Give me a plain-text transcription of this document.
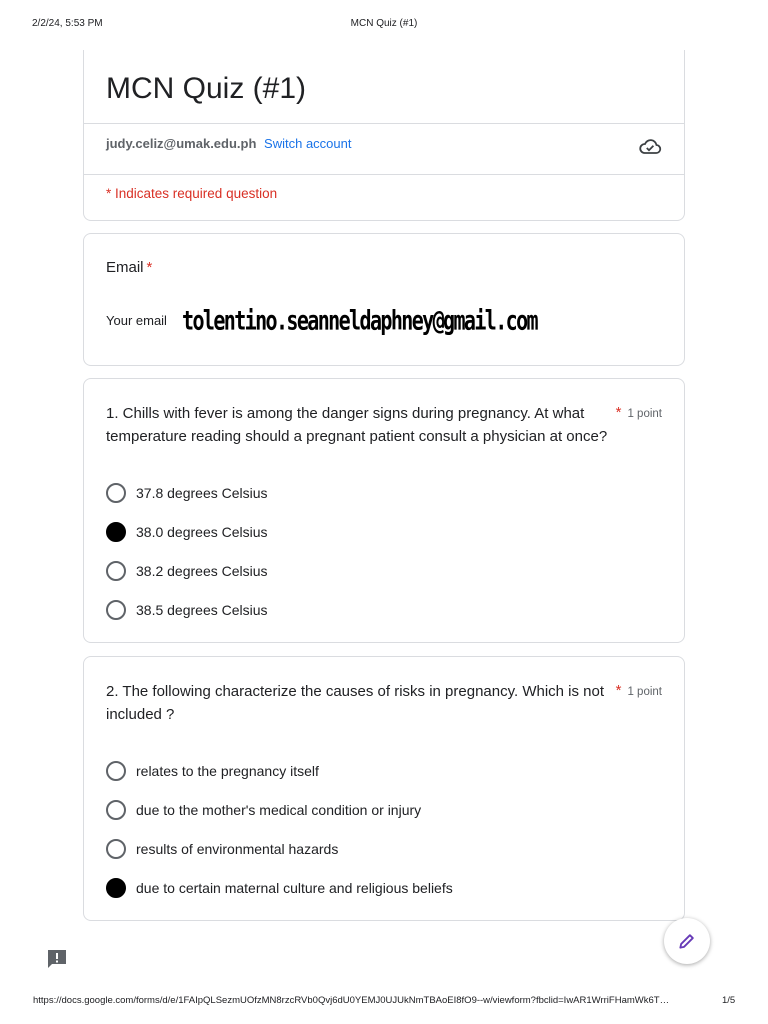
2/2/24, 5:53 PM	MCN Quiz (#1)
MCN Quiz (#1)
judy.celiz@umak.edu.ph Switch account
* Indicates required question
Email *
Your email tolentino.seanneldaphney@gmail.com
1. Chills with fever is among the danger signs during pregnancy. At what temperature reading should a pregnant patient consult a physician at once?
* 1 point
37.8 degrees Celsius
38.0 degrees Celsius
38.2 degrees Celsius
38.5 degrees Celsius
2. The following characterize the causes of risks in pregnancy. Which is not included ?
* 1 point
relates to the pregnancy itself
due to the mother's medical condition or injury
results of environmental hazards
due to certain maternal culture and religious beliefs
https://docs.google.com/forms/d/e/1FAIpQLSezmUOfzMN8rzcRVb0Qvj6dU0YEMJ0UJUkNmTBAoEI8fO9--w/viewform?fbclid=IwAR1WrriFHamWk6T…	1/5
